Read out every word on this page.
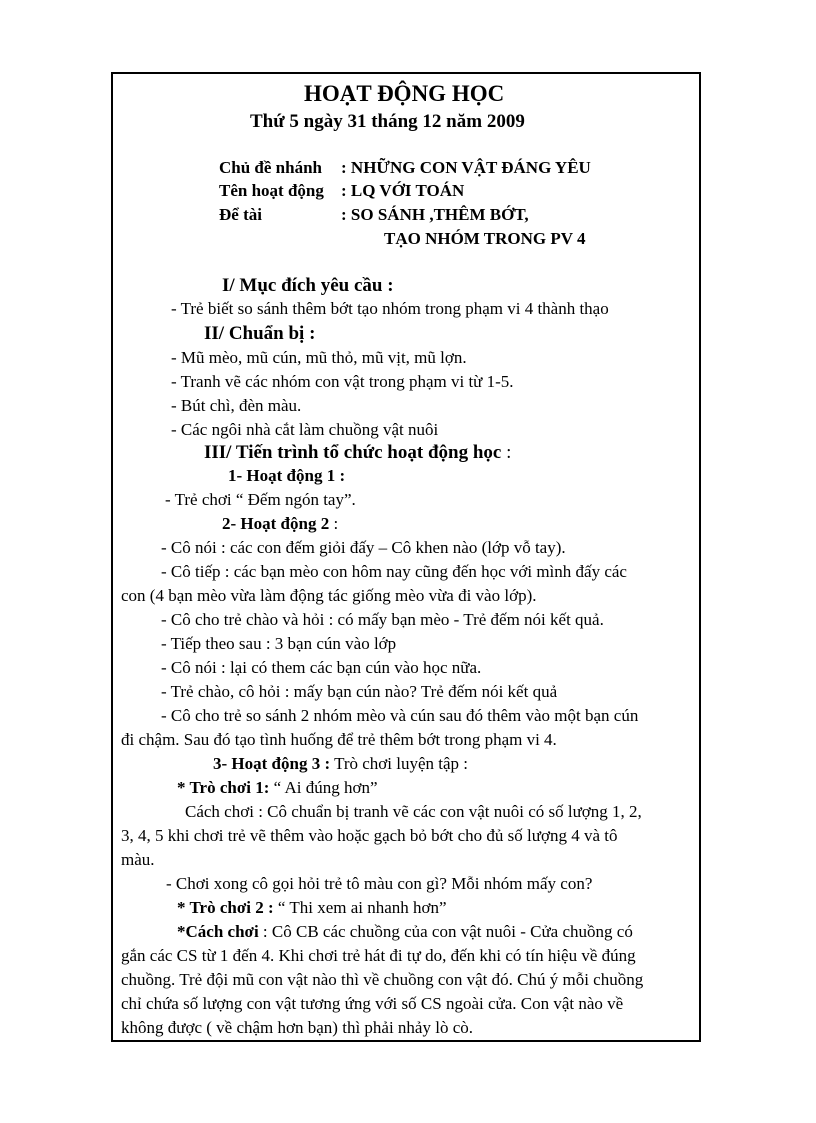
HOẠT ĐỘNG HỌC
Thứ 5 ngày 31 tháng 12 năm 2009
Chủ đề nhánh : NHỮNG CON VẬT ĐÁNG YÊU
Tên hoạt động : LQ VỚI TOÁN
Để tài	: SO SÁNH ,THÊM BỚT,
TẠO NHÓM TRONG PV 4
I/ Mục đích yêu cầu :
- Trẻ biết so sánh thêm bớt tạo nhóm trong phạm vi 4 thành thạo
II/ Chuẩn bị :
- Mũ mèo, mũ cún, mũ thỏ, mũ vịt, mũ lợn.
- Tranh vẽ các nhóm con vật trong phạm vi từ 1-5.
- Bút chì, đèn màu.
- Các ngôi nhà cắt làm chuồng vật nuôi
III/ Tiến trình tổ chức hoạt động học :
1- Hoạt động 1 :
- Trẻ chơi “ Đếm ngón tay”.
2- Hoạt động 2 :
- Cô nói : các con đếm giỏi đấy – Cô khen nào (lớp vỗ tay).
- Cô tiếp : các bạn mèo con hôm nay cũng đến học với mình đấy các
con (4 bạn mèo vừa làm động tác giống mèo vừa đi vào lớp).
- Cô cho trẻ chào và hỏi : có mấy bạn mèo - Trẻ đếm nói kết quả.
- Tiếp theo sau : 3 bạn cún vào lớp
- Cô nói : lại có them các bạn cún vào học nữa.
- Trẻ chào, cô hỏi : mấy bạn cún nào? Trẻ đếm nói kết quả
- Cô cho trẻ so sánh 2 nhóm mèo và cún sau đó thêm vào một bạn cún
đi chậm. Sau đó tạo tình huống để trẻ thêm bớt trong phạm vi 4.
3- Hoạt động 3 : Trò chơi luyện tập :
* Trò chơi 1: “ Ai đúng hơn”
Cách chơi : Cô chuẩn bị tranh vẽ các con vật nuôi có số lượng 1, 2,
3, 4, 5 khi chơi trẻ vẽ thêm vào hoặc gạch bỏ bớt cho đủ số lượng 4 và tô
màu.
- Chơi xong cô gọi hỏi trẻ tô màu con gì? Mỗi nhóm mấy con?
* Trò chơi 2 : “ Thi xem ai nhanh hơn”
*Cách chơi : Cô CB các chuồng của con vật nuôi - Cửa chuồng có
gắn các CS từ 1 đến 4. Khi chơi trẻ hát đi tự do, đến khi có tín hiệu về đúng
chuồng. Trẻ đội mũ con vật nào thì về chuồng con vật đó. Chú ý mỗi chuồng
chỉ chứa số lượng con vật tương ứng với số CS ngoài cửa. Con vật nào về
không được ( về chậm hơn bạn) thì phải nhảy lò cò.
